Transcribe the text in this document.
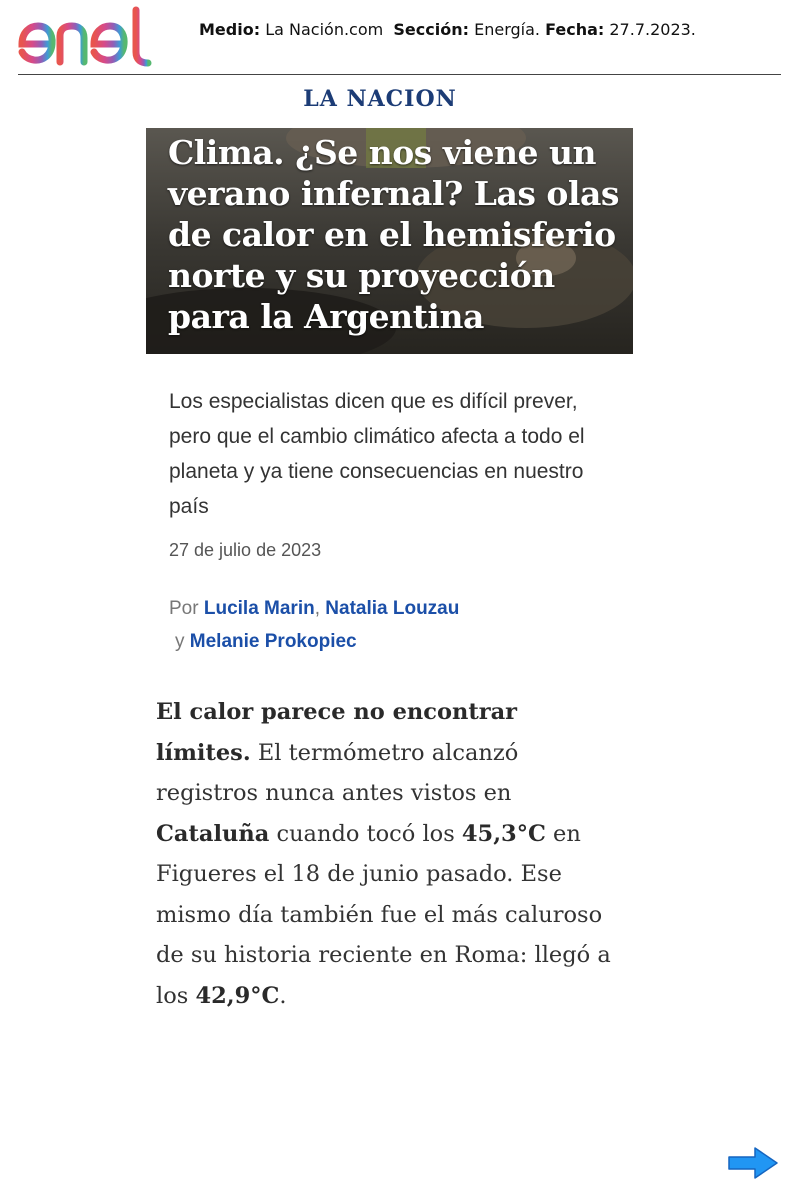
Medio: La Nación.com Sección: Energía. Fecha: 27.7.2023.
LA NACION
Clima. ¿Se nos viene un verano infernal? Las olas de calor en el hemisferio norte y su proyección para la Argentina
Los especialistas dicen que es difícil prever, pero que el cambio climático afecta a todo el planeta y ya tiene consecuencias en nuestro país
27 de julio de 2023
Por Lucila Marin, Natalia Louzau
y Melanie Prokopiec
El calor parece no encontrar límites. El termómetro alcanzó registros nunca antes vistos en Cataluña cuando tocó los 45,3°C en Figueres el 18 de junio pasado. Ese mismo día también fue el más caluroso de su historia reciente en Roma: llegó a los 42,9°C.
